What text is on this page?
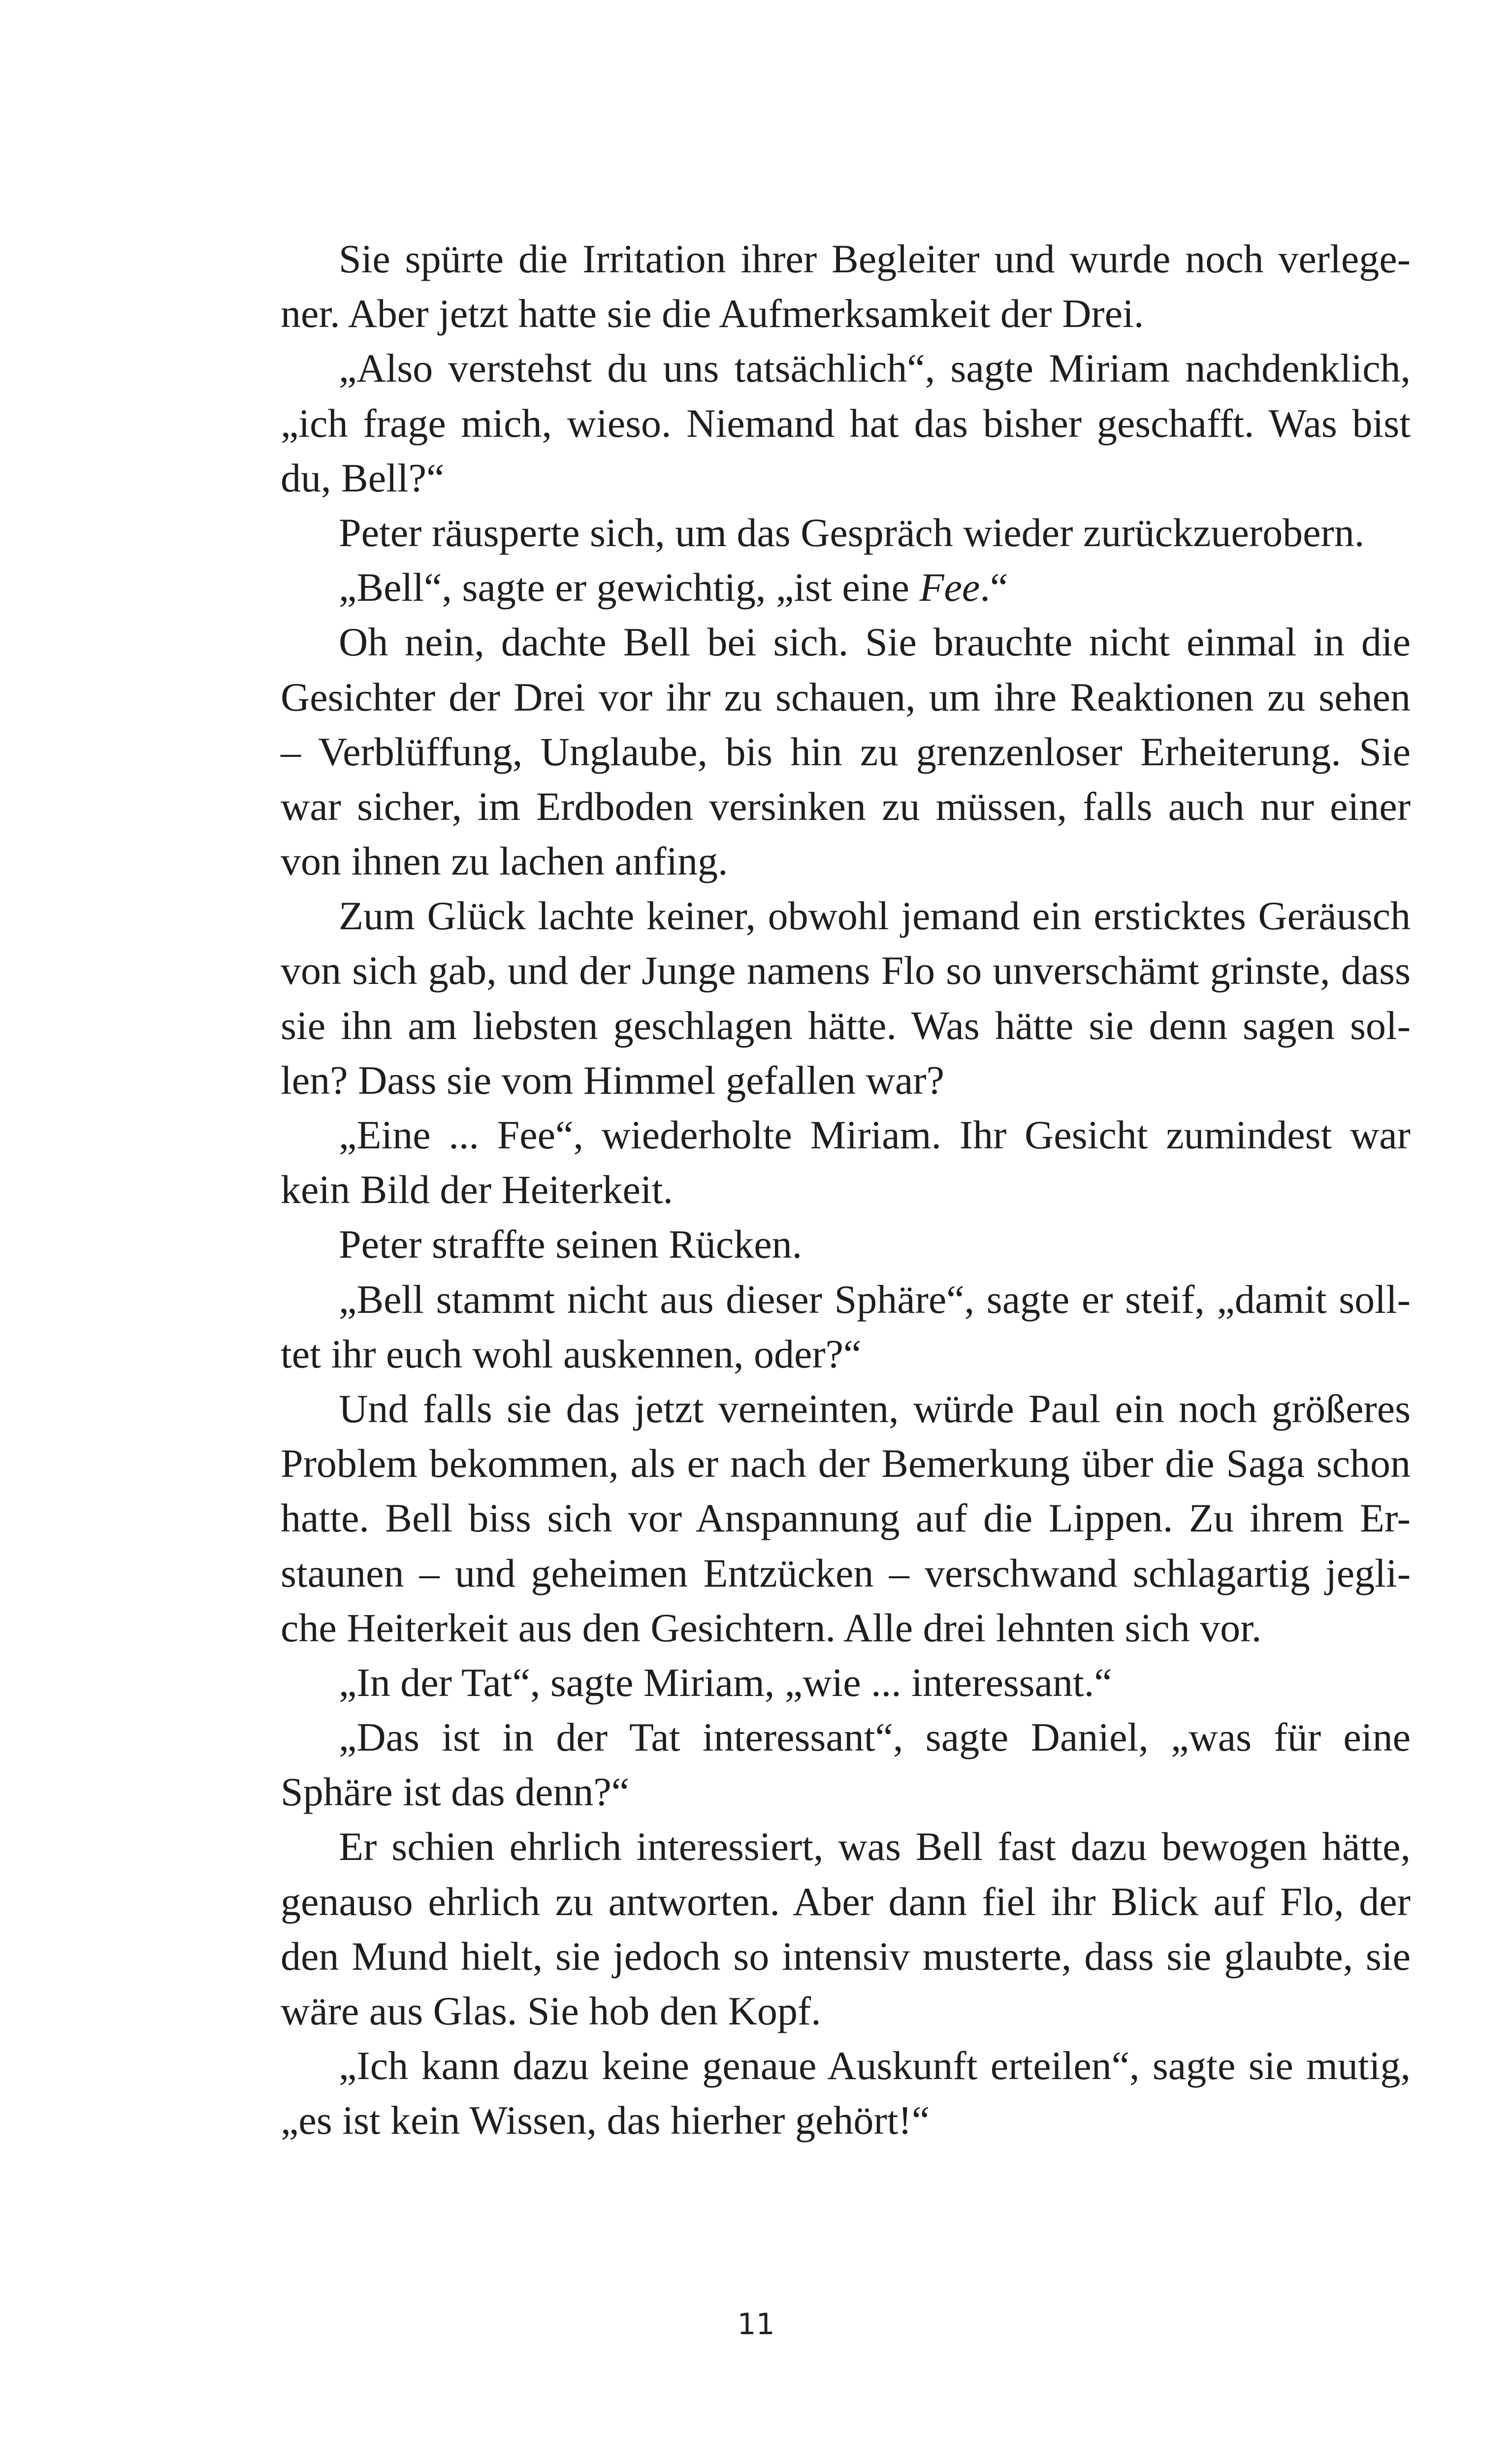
Sie spürte die Irritation ihrer Begleiter und wurde noch verlege-
ner. Aber jetzt hatte sie die Aufmerksamkeit der Drei.
„Also verstehst du uns tatsächlich“, sagte Miriam nachdenklich,
„ich frage mich, wieso. Niemand hat das bisher geschafft. Was bist
du, Bell?“
Peter räusperte sich, um das Gespräch wieder zurückzuerobern.
„Bell“, sagte er gewichtig, „ist eine Fee.“
Oh nein, dachte Bell bei sich. Sie brauchte nicht einmal in die
Gesichter der Drei vor ihr zu schauen, um ihre Reaktionen zu sehen
– Verblüffung, Unglaube, bis hin zu grenzenloser Erheiterung. Sie
war sicher, im Erdboden versinken zu müssen, falls auch nur einer
von ihnen zu lachen anfing.
Zum Glück lachte keiner, obwohl jemand ein ersticktes Geräusch
von sich gab, und der Junge namens Flo so unverschämt grinste, dass
sie ihn am liebsten geschlagen hätte. Was hätte sie denn sagen sol-
len? Dass sie vom Himmel gefallen war?
„Eine ... Fee“, wiederholte Miriam. Ihr Gesicht zumindest war
kein Bild der Heiterkeit.
Peter straffte seinen Rücken.
„Bell stammt nicht aus dieser Sphäre“, sagte er steif, „damit soll-
tet ihr euch wohl auskennen, oder?“
Und falls sie das jetzt verneinten, würde Paul ein noch größeres
Problem bekommen, als er nach der Bemerkung über die Saga schon
hatte. Bell biss sich vor Anspannung auf die Lippen. Zu ihrem Er-
staunen – und geheimen Entzücken – verschwand schlagartig jegli-
che Heiterkeit aus den Gesichtern. Alle drei lehnten sich vor.
„In der Tat“, sagte Miriam, „wie ... interessant.“
„Das ist in der Tat interessant“, sagte Daniel, „was für eine
Sphäre ist das denn?“
Er schien ehrlich interessiert, was Bell fast dazu bewogen hätte,
genauso ehrlich zu antworten. Aber dann fiel ihr Blick auf Flo, der
den Mund hielt, sie jedoch so intensiv musterte, dass sie glaubte, sie
wäre aus Glas. Sie hob den Kopf.
„Ich kann dazu keine genaue Auskunft erteilen“, sagte sie mutig,
„es ist kein Wissen, das hierher gehört!“
11
